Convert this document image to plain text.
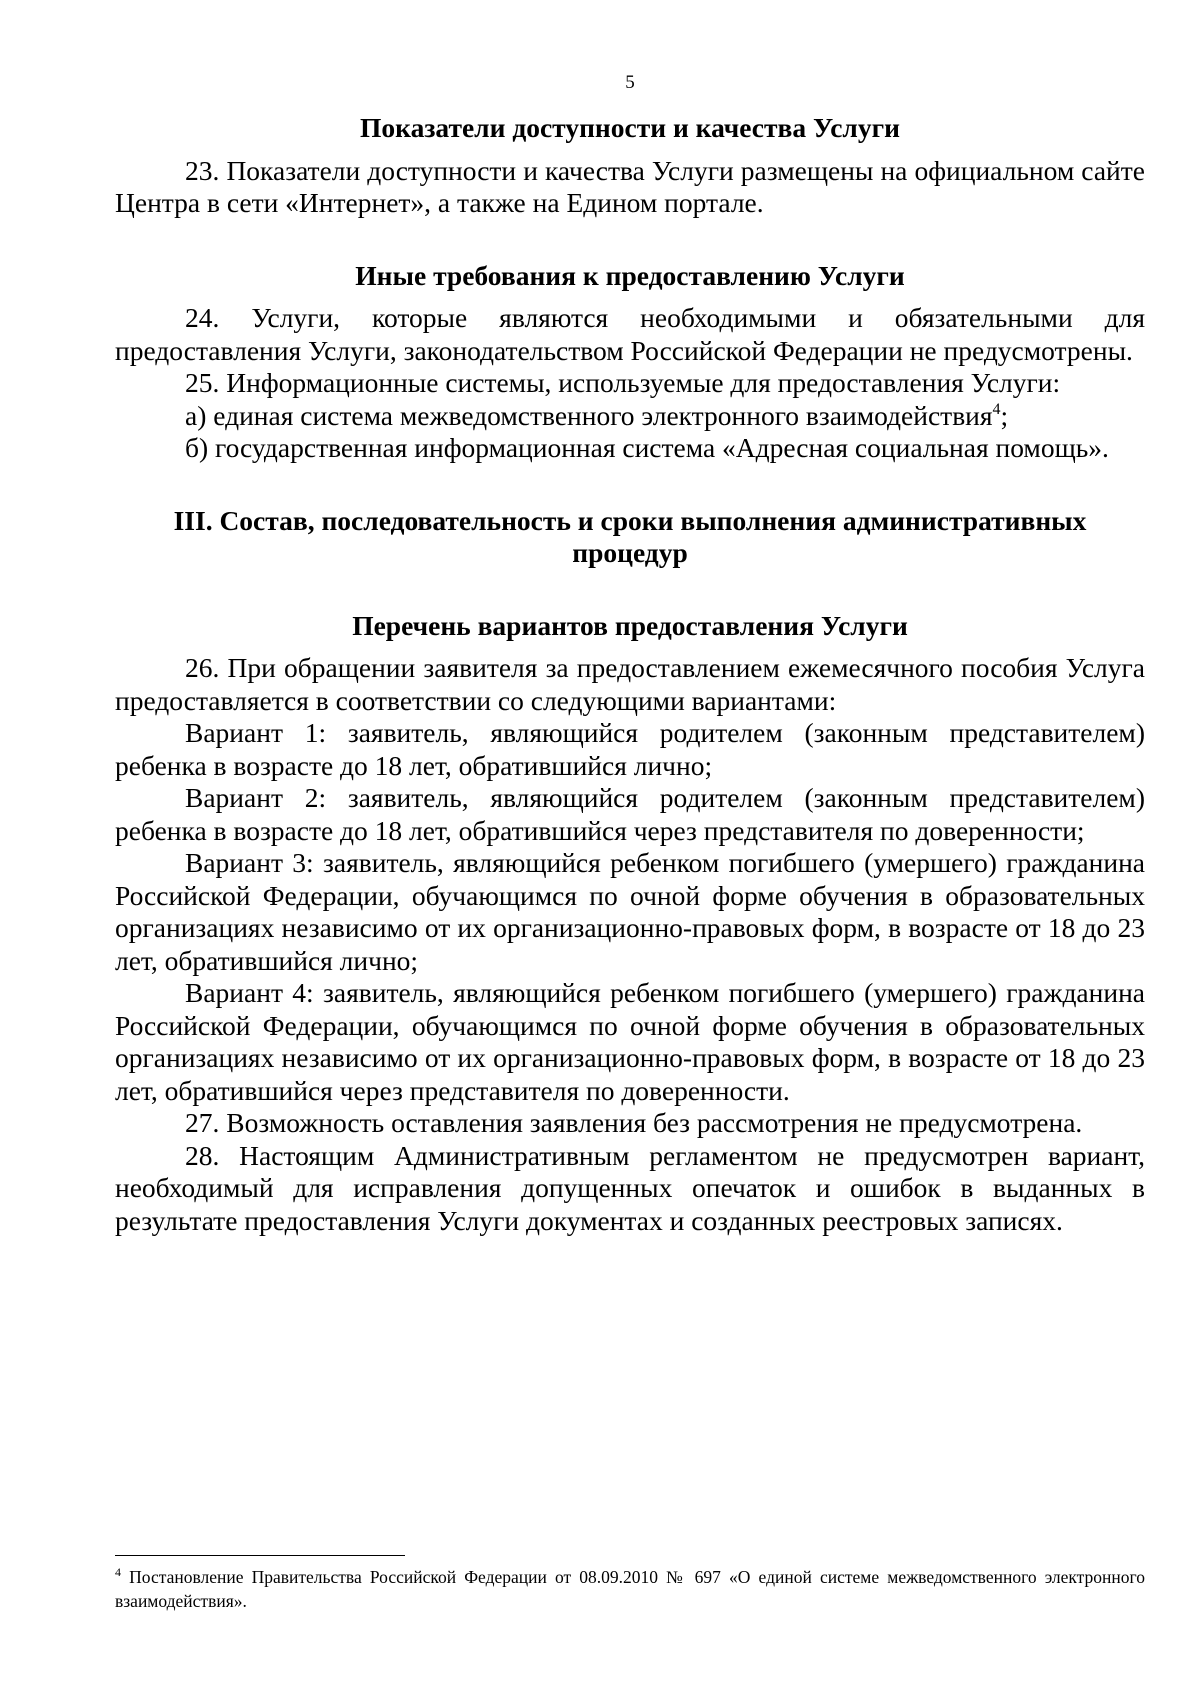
5

Показатели доступности и качества Услуги

23. Показатели доступности и качества Услуги размещены на официальном сайте Центра в сети «Интернет», а также на Едином портале.

Иные требования к предоставлению Услуги

24. Услуги, которые являются необходимыми и обязательными для предоставления Услуги, законодательством Российской Федерации не предусмотрены.

25. Информационные системы, используемые для предоставления Услуги:

а) единая система межведомственного электронного взаимодействия$^4$;

б) государственная информационная система «Адресная социальная помощь».

III. Состав, последовательность и сроки выполнения административных процедур

Перечень вариантов предоставления Услуги

26. При обращении заявителя за предоставлением ежемесячного пособия Услуга предоставляется в соответствии со следующими вариантами:

Вариант 1: заявитель, являющийся родителем (законным представителем) ребенка в возрасте до 18 лет, обратившийся лично;

Вариант 2: заявитель, являющийся родителем (законным представителем) ребенка в возрасте до 18 лет, обратившийся через представителя по доверенности;

Вариант 3: заявитель, являющийся ребенком погибшего (умершего) гражданина Российской Федерации, обучающимся по очной форме обучения в образовательных организациях независимо от их организационно-правовых форм, в возрасте от 18 до 23 лет, обратившийся лично;

Вариант 4: заявитель, являющийся ребенком погибшего (умершего) гражданина Российской Федерации, обучающимся по очной форме обучения в образовательных организациях независимо от их организационно-правовых форм, в возрасте от 18 до 23 лет, обратившийся через представителя по доверенности.

27. Возможность оставления заявления без рассмотрения не предусмотрена.

28. Настоящим Административным регламентом не предусмотрен вариант, необходимый для исправления допущенных опечаток и ошибок в выданных в результате предоставления Услуги документах и созданных реестровых записях.

$^4$ Постановление Правительства Российской Федерации от 08.09.2010 № 697 «О единой системе межведомственного электронного взаимодействия».
